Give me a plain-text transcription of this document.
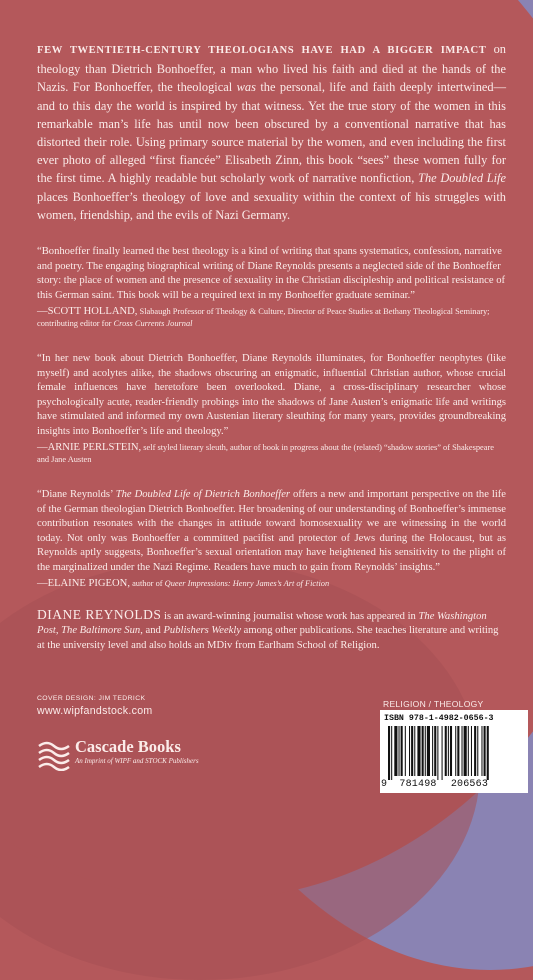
FEW TWENTIETH-CENTURY THEOLOGIANS HAVE HAD A BIGGER IMPACT on theology than Dietrich Bonhoeffer, a man who lived his faith and died at the hands of the Nazis. For Bonhoeffer, the theological was the personal, life and faith deeply intertwined—and to this day the world is inspired by that witness. Yet the true story of the women in this remarkable man’s life has until now been obscured by a conventional narrative that has distorted their role. Using primary source material by the women, and even including the first ever photo of alleged “first fiancée” Elisabeth Zinn, this book “sees” these women fully for the first time. A highly readable but scholarly work of narrative nonfiction, The Doubled Life places Bonhoeffer’s theology of love and sexuality within the context of his struggles with women, friendship, and the evils of Nazi Germany.

“Bonhoeffer finally learned the best theology is a kind of writing that spans systematics, confession, narrative and poetry. The engaging biographical writing of Diane Reynolds presents a neglected side of the Bonhoeffer story: the place of women and the presence of sexuality in the Christian discipleship and political resistance of this German saint. This book will be a required text in my Bonhoeffer graduate seminar.”

—SCOTT HOLLAND, Slabaugh Professor of Theology & Culture, Director of Peace Studies at Bethany Theological Seminary; contributing editor for Cross Currents Journal

“In her new book about Dietrich Bonhoeffer, Diane Reynolds illuminates, for Bonhoeffer neophytes (like myself) and acolytes alike, the shadows obscuring an enigmatic, influential Christian author, whose crucial female influences have heretofore been overlooked. Diane, a cross-disciplinary researcher whose psychologically acute, reader-friendly probings into the shadows of Jane Austen’s enigmatic life and writings have stimulated and informed my own Austenian literary sleuthing for many years, provides groundbreaking insights into Bonhoeffer’s life and theology.”

—ARNIE PERLSTEIN, self styled literary sleuth, author of book in progress about the (related) “shadow stories” of Shakespeare and Jane Austen

“Diane Reynolds’ The Doubled Life of Dietrich Bonhoeffer offers a new and important perspective on the life of the German theologian Dietrich Bonhoeffer. Her broadening of our understanding of Bonhoeffer’s immense contribution resonates with the changes in attitude toward homosexuality we are witnessing in the world today. Not only was Bonhoeffer a committed pacifist and protector of Jews during the Holocaust, but as Reynolds aptly suggests, Bonhoeffer’s sexual orientation may have heightened his sensitivity to the plight of the marginalized under the Nazi Regime. Readers have much to gain from Reynolds’ insights.”

—ELAINE PIGEON, author of Queer Impressions: Henry James’s Art of Fiction

DIANE REYNOLDS is an award-winning journalist whose work has appeared in The Washington Post, The Baltimore Sun, and Publishers Weekly among other publications. She teaches literature and writing at the university level and also holds an MDiv from Earlham School of Religion.

COVER DESIGN: JIM TEDRICK
www.wipfandstock.com
Cascade Books
An Imprint of WIPF and STOCK Publishers
RELIGION / THEOLOGY
ISBN 978-1-4982-0656-3
9 781498 206563
